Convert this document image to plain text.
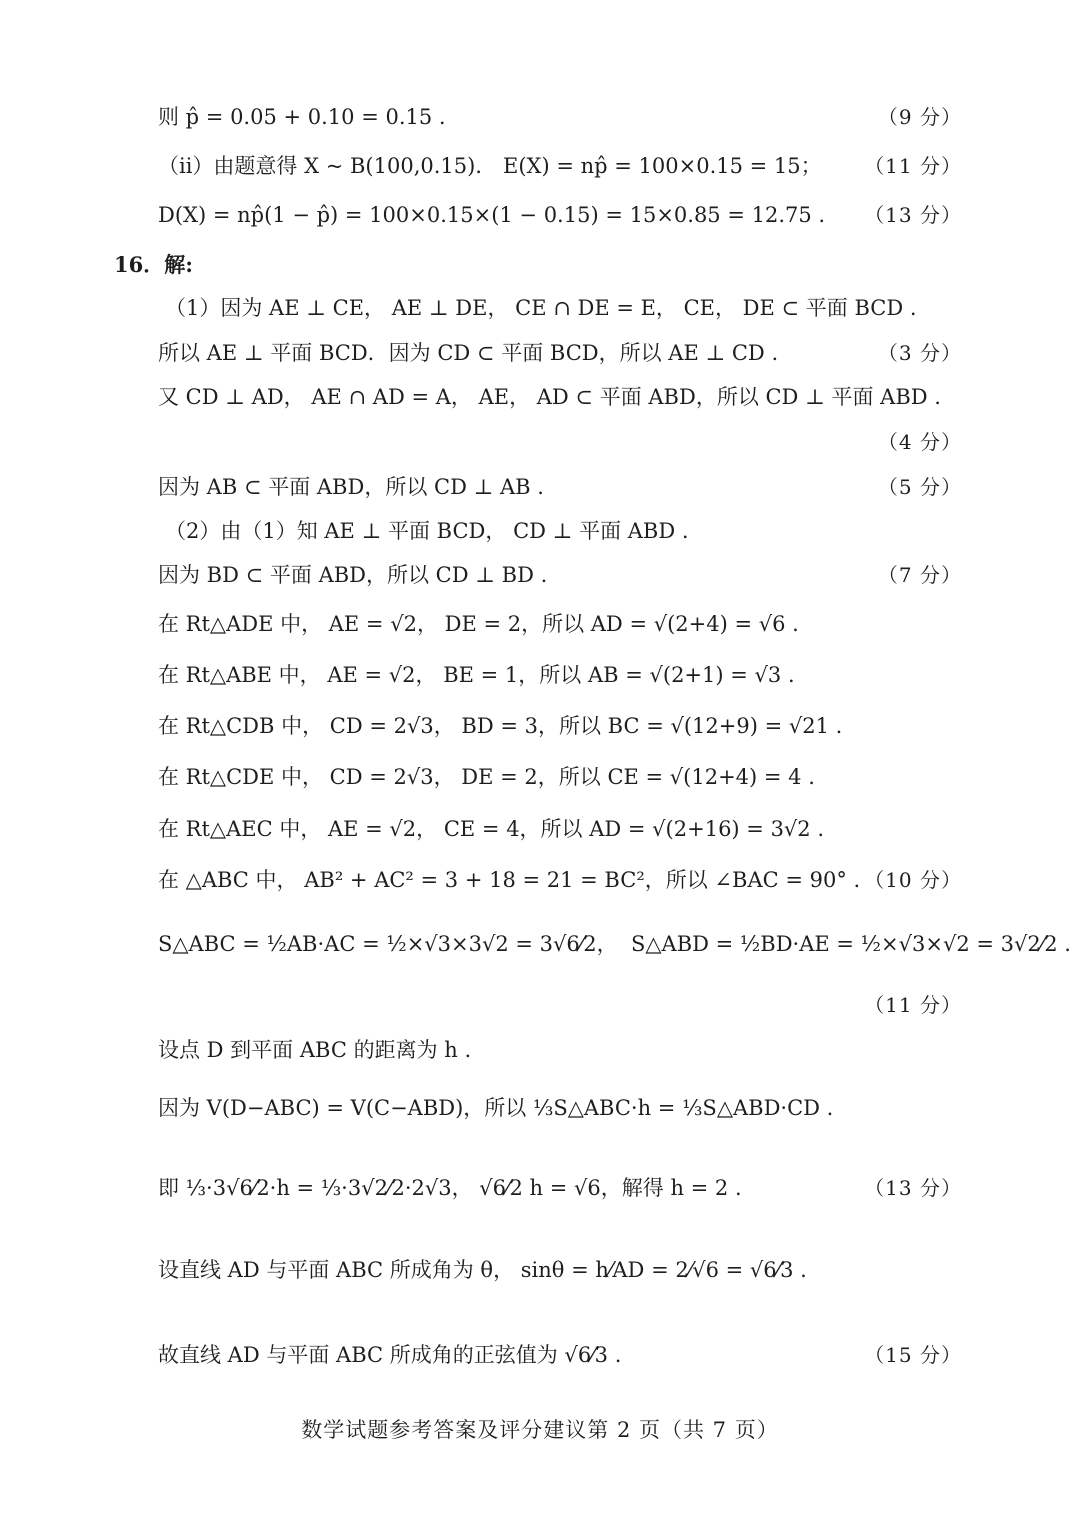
则 p̂ = 0.05 + 0.10 = 0.15 .	（9 分）
（ⅱ）由题意得 X ~ B(100,0.15)． E(X) = np̂ = 100×0.15 = 15； （11 分）
D(X) = np̂(1 − p̂) = 100×0.15×(1 − 0.15) = 15×0.85 = 12.75 . （13 分）
16．解:
（1）因为 AE ⊥ CE， AE ⊥ DE， CE ∩ DE = E， CE， DE ⊂ 平面 BCD .
所以 AE ⊥ 平面 BCD．因为 CD ⊂ 平面 BCD，所以 AE ⊥ CD .	（3 分）
又 CD ⊥ AD， AE ∩ AD = A， AE， AD ⊂ 平面 ABD，所以 CD ⊥ 平面 ABD .
（4 分）
因为 AB ⊂ 平面 ABD，所以 CD ⊥ AB .	（5 分）
（2）由（1）知 AE ⊥ 平面 BCD， CD ⊥ 平面 ABD .
因为 BD ⊂ 平面 ABD，所以 CD ⊥ BD .	（7 分）
在 Rt△ADE 中， AE = √2， DE = 2，所以 AD = √(2+4) = √6 .
在 Rt△ABE 中， AE = √2， BE = 1，所以 AB = √(2+1) = √3 .
在 Rt△CDB 中， CD = 2√3， BD = 3，所以 BC = √(12+9) = √21 .
在 Rt△CDE 中， CD = 2√3， DE = 2，所以 CE = √(12+4) = 4 .
在 Rt△AEC 中， AE = √2， CE = 4，所以 AD = √(2+16) = 3√2 .
在 △ABC 中， AB² + AC² = 3 + 18 = 21 = BC²，所以 ∠BAC = 90° . （10 分）
S△ABC = ½AB·AC = ½×√3×3√2 = 3√6⁄2，  S△ABD = ½BD·AE = ½×√3×√2 = 3√2⁄2 .
（11 分）
设点 D 到平面 ABC 的距离为 h .
因为 V(D−ABC) = V(C−ABD)，所以 ⅓S△ABC·h = ⅓S△ABD·CD .
即 ⅓·3√6⁄2·h = ⅓·3√2⁄2·2√3， √6⁄2 h = √6，解得 h = 2 .	（13 分）
设直线 AD 与平面 ABC 所成角为 θ， sinθ = h⁄AD = 2⁄√6 = √6⁄3 .
故直线 AD 与平面 ABC 所成角的正弦值为 √6⁄3 .	（15 分）
数学试题参考答案及评分建议第 2 页（共 7 页）
